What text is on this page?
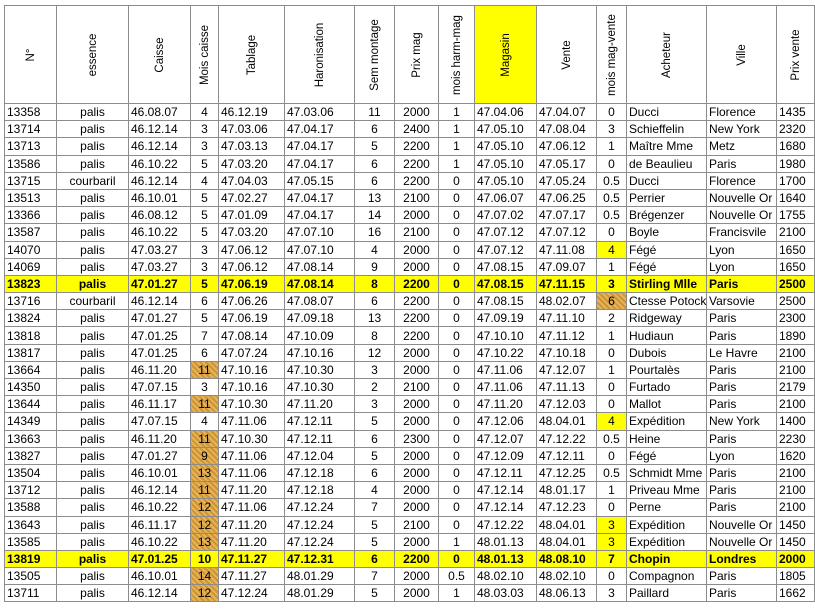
N°	essence	Caisse	Mois caisse	Tablage	Haronisation	Sem montage	Prix mag	mois harm-mag	Magasin	Vente	mois mag-vente	Acheteur	Ville	Prix vente

13358	palis	46.08.07	4	46.12.19	47.03.06	11	2000	1	47.04.06	47.04.07	0	Ducci	Florence	1435
13714	palis	46.12.14	3	47.03.06	47.04.17	6	2400	1	47.05.10	47.08.04	3	Schieffelin	New York	2320
13713	palis	46.12.14	3	47.03.13	47.04.17	5	2200	1	47.05.10	47.06.12	1	Maître Mme	Metz	1680
13586	palis	46.10.22	5	47.03.20	47.04.17	6	2200	1	47.05.10	47.05.17	0	de Beaulieu	Paris	1980
13715	courbaril	46.12.14	4	47.04.03	47.05.15	6	2200	0	47.05.10	47.05.24	0.5	Ducci	Florence	1700
13513	palis	46.10.01	5	47.02.27	47.04.17	13	2100	0	47.06.07	47.06.25	0.5	Perrier	Nouvelle Or	1640
13366	palis	46.08.12	5	47.01.09	47.04.17	14	2000	0	47.07.02	47.07.17	0.5	Brégenzer	Nouvelle Or	1755
13587	palis	46.10.22	5	47.03.20	47.07.10	16	2100	0	47.07.12	47.07.12	0	Boyle	Francisvile	2100
14070	palis	47.03.27	3	47.06.12	47.07.10	4	2000	0	47.07.12	47.11.08	4	Fégé	Lyon	1650
14069	palis	47.03.27	3	47.06.12	47.08.14	9	2000	0	47.08.15	47.09.07	1	Fégé	Lyon	1650
13823	palis	47.01.27	5	47.06.19	47.08.14	8	2200	0	47.08.15	47.11.15	3	Stirling Mlle	Paris	2500
13716	courbaril	46.12.14	6	47.06.26	47.08.07	6	2200	0	47.08.15	48.02.07	6	Ctesse Potock	Varsovie	2500
13824	palis	47.01.27	5	47.06.19	47.09.18	13	2200	0	47.09.19	47.11.10	2	Ridgeway	Paris	2300
13818	palis	47.01.25	7	47.08.14	47.10.09	8	2200	0	47.10.10	47.11.12	1	Hudiaun	Paris	1890
13817	palis	47.01.25	6	47.07.24	47.10.16	12	2000	0	47.10.22	47.10.18	0	Dubois	Le Havre	2100
13664	palis	46.11.20	11	47.10.16	47.10.30	3	2000	0	47.11.06	47.12.07	1	Pourtalès	Paris	2100
14350	palis	47.07.15	3	47.10.16	47.10.30	2	2100	0	47.11.06	47.11.13	0	Furtado	Paris	2179
13644	palis	46.11.17	11	47.10.30	47.11.20	3	2000	0	47.11.20	47.12.03	0	Mallot	Paris	2100
14349	palis	47.07.15	4	47.11.06	47.12.11	5	2000	0	47.12.06	48.04.01	4	Expédition	New York	1400
13663	palis	46.11.20	11	47.10.30	47.12.11	6	2300	0	47.12.07	47.12.22	0.5	Heine	Paris	2230
13827	palis	47.01.27	9	47.11.06	47.12.04	5	2000	0	47.12.09	47.12.11	0	Fégé	Lyon	1620
13504	palis	46.10.01	13	47.11.06	47.12.18	6	2000	0	47.12.11	47.12.25	0.5	Schmidt Mme	Paris	2100
13712	palis	46.12.14	11	47.11.20	47.12.18	4	2000	0	47.12.14	48.01.17	1	Priveau Mme	Paris	2100
13588	palis	46.10.22	12	47.11.06	47.12.24	7	2000	0	47.12.14	47.12.23	0	Perne	Paris	2100
13643	palis	46.11.17	12	47.11.20	47.12.24	5	2100	0	47.12.22	48.04.01	3	Expédition	Nouvelle Or	1450
13585	palis	46.10.22	13	47.11.20	47.12.24	5	2000	1	48.01.13	48.04.01	3	Expédition	Nouvelle Or	1450
13819	palis	47.01.25	10	47.11.27	47.12.31	6	2200	0	48.01.13	48.08.10	7	Chopin	Londres	2000
13505	palis	46.10.01	14	47.11.27	48.01.29	7	2000	0.5	48.02.10	48.02.10	0	Compagnon	Paris	1805
13711	palis	46.12.14	12	47.12.24	48.01.29	5	2000	1	48.03.03	48.06.13	3	Paillard	Paris	1662
